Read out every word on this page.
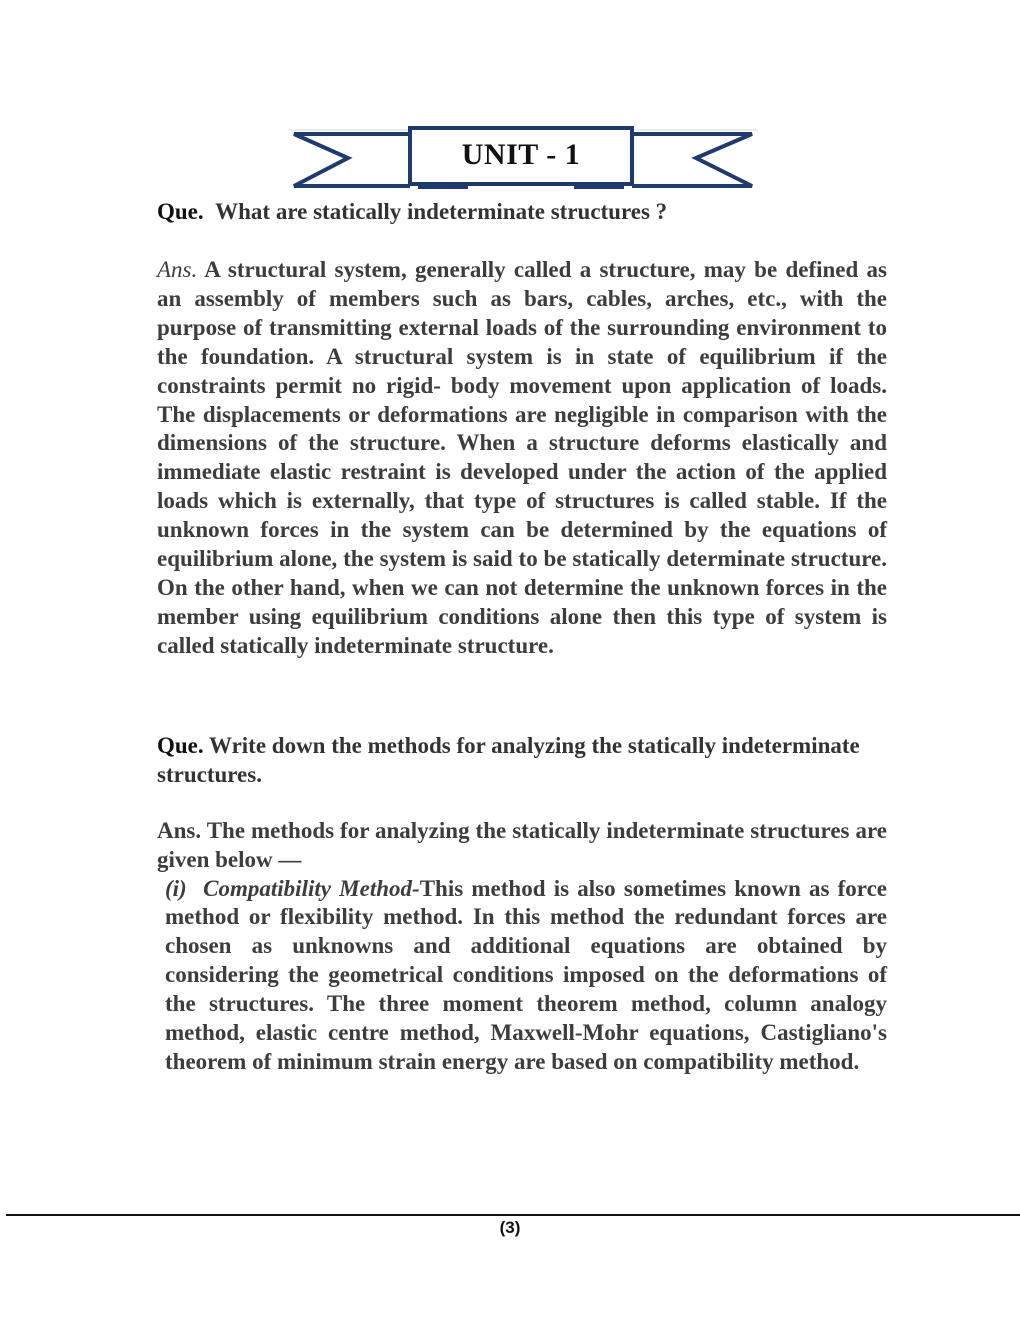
UNIT - 1

Que. What are statically indeterminate structures ?

Ans. A structural system, generally called a structure, may be defined as an assembly of members such as bars, cables, arches, etc., with the purpose of transmitting external loads of the surrounding environment to the foundation. A structural system is in state of equilibrium if the constraints permit no rigid- body movement upon application of loads. The displacements or deformations are negligible in comparison with the dimensions of the structure. When a structure deforms elastically and immediate elastic restraint is developed under the action of the applied loads which is externally, that type of structures is called stable. If the unknown forces in the system can be determined by the equations of equilibrium alone, the system is said to be statically determinate structure. On the other hand, when we can not determine the unknown forces in the member using equilibrium conditions alone then this type of system is called statically indeterminate structure.

Que. Write down the methods for analyzing the statically indeterminate structures.

Ans. The methods for analyzing the statically indeterminate structures are given below —
(i) Compatibility Method-This method is also sometimes known as force method or flexibility method. In this method the redundant forces are chosen as unknowns and additional equations are obtained by considering the geometrical conditions imposed on the deformations of the structures. The three moment theorem method, column analogy method, elastic centre method, Maxwell-Mohr equations, Castigliano's theorem of minimum strain energy are based on compatibility method.

(3)
